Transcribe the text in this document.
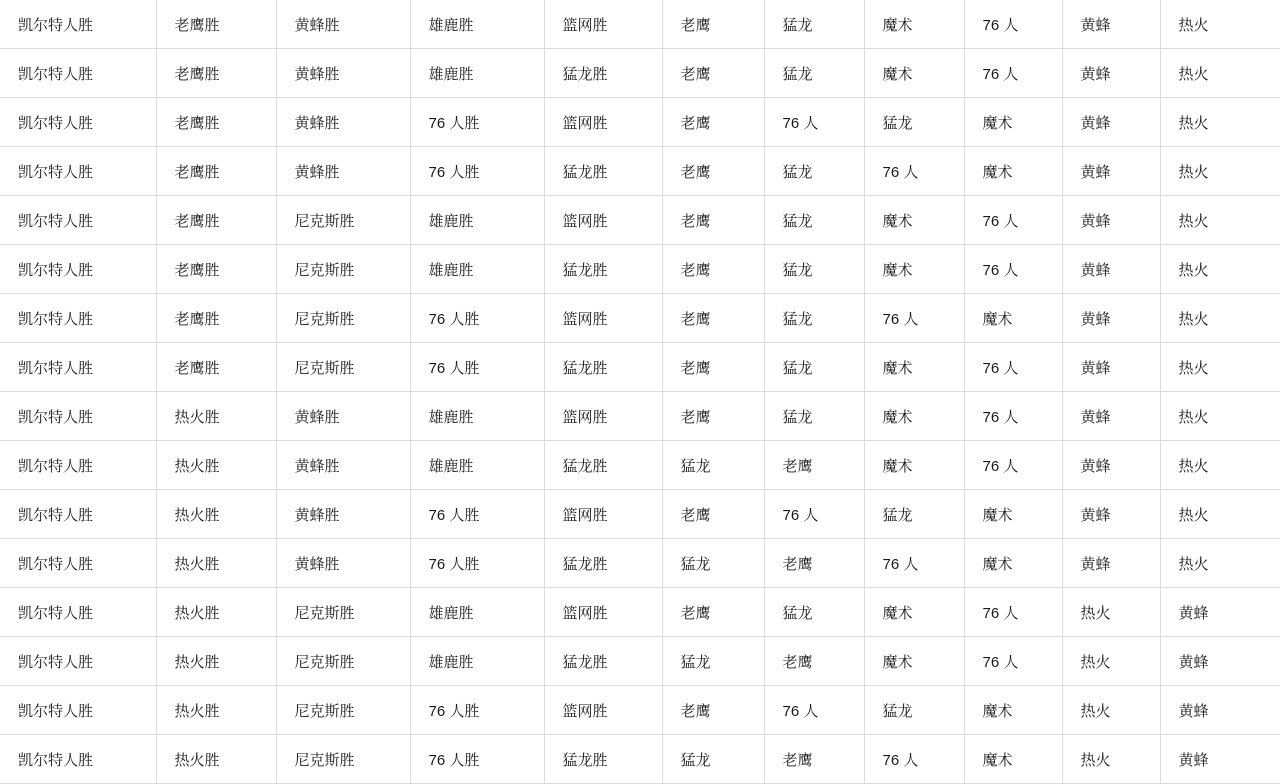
凯尔特人胜	老鹰胜	黄蜂胜	雄鹿胜	篮网胜	老鹰	猛龙	魔术	76 人	黄蜂	热火
凯尔特人胜	老鹰胜	黄蜂胜	雄鹿胜	猛龙胜	老鹰	猛龙	魔术	76 人	黄蜂	热火
凯尔特人胜	老鹰胜	黄蜂胜	76 人胜	篮网胜	老鹰	76 人	猛龙	魔术	黄蜂	热火
凯尔特人胜	老鹰胜	黄蜂胜	76 人胜	猛龙胜	老鹰	猛龙	76 人	魔术	黄蜂	热火
凯尔特人胜	老鹰胜	尼克斯胜	雄鹿胜	篮网胜	老鹰	猛龙	魔术	76 人	黄蜂	热火
凯尔特人胜	老鹰胜	尼克斯胜	雄鹿胜	猛龙胜	老鹰	猛龙	魔术	76 人	黄蜂	热火
凯尔特人胜	老鹰胜	尼克斯胜	76 人胜	篮网胜	老鹰	猛龙	76 人	魔术	黄蜂	热火
凯尔特人胜	老鹰胜	尼克斯胜	76 人胜	猛龙胜	老鹰	猛龙	魔术	76 人	黄蜂	热火
凯尔特人胜	热火胜	黄蜂胜	雄鹿胜	篮网胜	老鹰	猛龙	魔术	76 人	黄蜂	热火
凯尔特人胜	热火胜	黄蜂胜	雄鹿胜	猛龙胜	猛龙	老鹰	魔术	76 人	黄蜂	热火
凯尔特人胜	热火胜	黄蜂胜	76 人胜	篮网胜	老鹰	76 人	猛龙	魔术	黄蜂	热火
凯尔特人胜	热火胜	黄蜂胜	76 人胜	猛龙胜	猛龙	老鹰	76 人	魔术	黄蜂	热火
凯尔特人胜	热火胜	尼克斯胜	雄鹿胜	篮网胜	老鹰	猛龙	魔术	76 人	热火	黄蜂
凯尔特人胜	热火胜	尼克斯胜	雄鹿胜	猛龙胜	猛龙	老鹰	魔术	76 人	热火	黄蜂
凯尔特人胜	热火胜	尼克斯胜	76 人胜	篮网胜	老鹰	76 人	猛龙	魔术	热火	黄蜂
凯尔特人胜	热火胜	尼克斯胜	76 人胜	猛龙胜	猛龙	老鹰	76 人	魔术	热火	黄蜂
